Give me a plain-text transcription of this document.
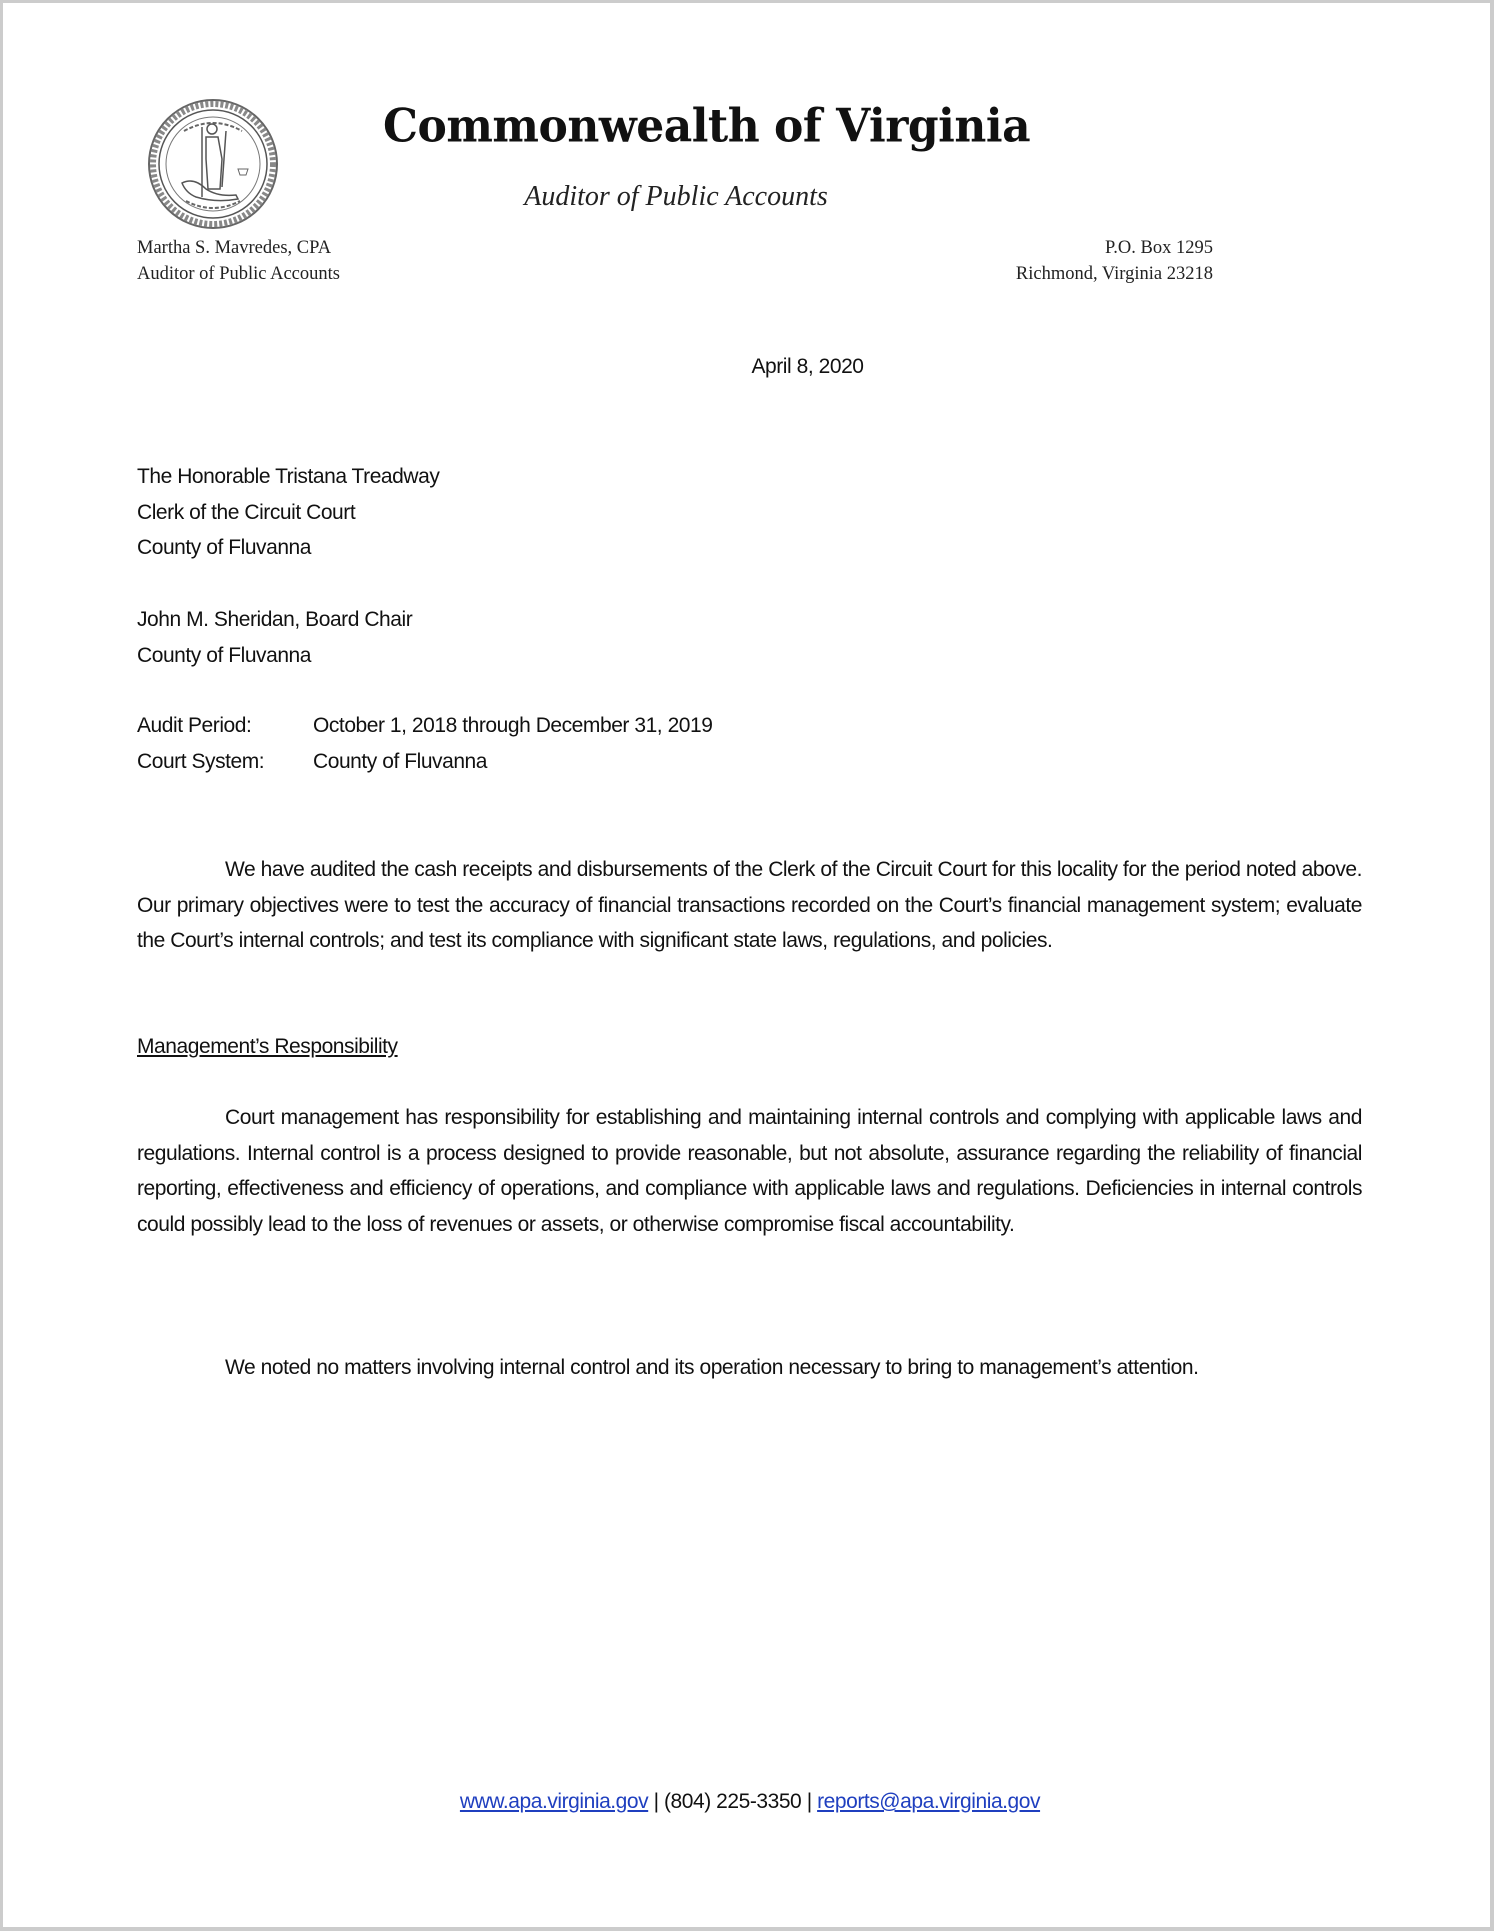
Commonwealth of Virginia
Auditor of Public Accounts
Martha S. Mavredes, CPA
Auditor of Public Accounts
P.O. Box 1295
Richmond, Virginia 23218
April 8, 2020
The Honorable Tristana Treadway
Clerk of the Circuit Court
County of Fluvanna
John M. Sheridan, Board Chair
County of Fluvanna
Audit Period:	October 1, 2018 through December 31, 2019
Court System:	County of Fluvanna

We have audited the cash receipts and disbursements of the Clerk of the Circuit Court for this locality for the period noted above. Our primary objectives were to test the accuracy of financial transactions recorded on the Court’s financial management system; evaluate the Court’s internal controls; and test its compliance with significant state laws, regulations, and policies.

Management’s Responsibility

Court management has responsibility for establishing and maintaining internal controls and complying with applicable laws and regulations. Internal control is a process designed to provide reasonable, but not absolute, assurance regarding the reliability of financial reporting, effectiveness and efficiency of operations, and compliance with applicable laws and regulations. Deficiencies in internal controls could possibly lead to the loss of revenues or assets, or otherwise compromise fiscal accountability.

We noted no matters involving internal control and its operation necessary to bring to management’s attention.

www.apa.virginia.gov | (804) 225-3350 | reports@apa.virginia.gov
